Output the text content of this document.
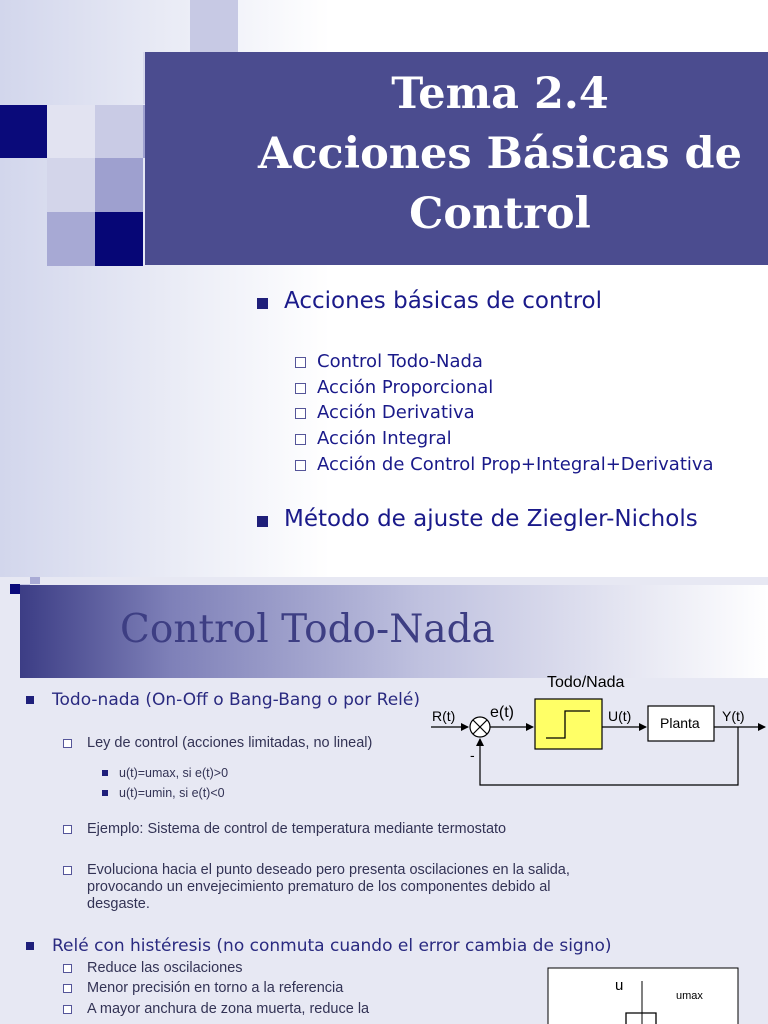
Tema 2.4
Acciones Básicas de
Control
Acciones básicas de control
Control Todo-Nada
Acción Proporcional
Acción Derivativa
Acción Integral
Acción de Control Prop+Integral+Derivativa
Método de ajuste de Ziegler-Nichols
Control Todo-Nada
Todo-nada (On-Off o Bang-Bang o por Relé)
Ley de control (acciones limitadas, no lineal)
u(t)=umax, si e(t)>0
u(t)=umin, si e(t)<0
Ejemplo: Sistema de control de temperatura mediante termostato
Evoluciona hacia el punto deseado pero presenta oscilaciones en la salida,
provocando un envejecimiento prematuro de los componentes debido al
desgaste.
Relé con histéresis (no conmuta cuando el error cambia de signo)
Reduce las oscilaciones
Menor precisión en torno a la referencia
A mayor anchura de zona muerta, reduce la
Todo/Nada
R(t) e(t)
-
U(t) Planta Y(t)
u
umax
